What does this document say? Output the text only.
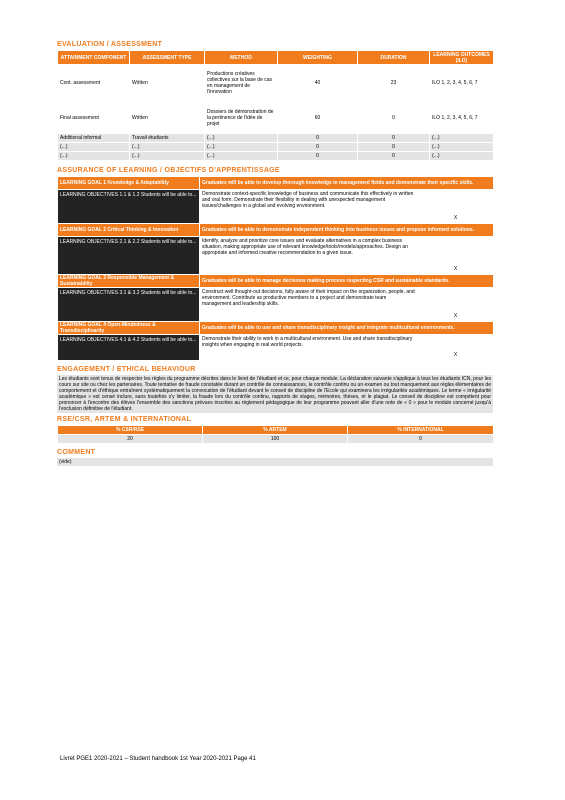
EVALUATION / ASSESSMENT
ATTAINMENT COMPONENT	ASSESSMENT TYPE	METHOD	WEIGHTING	DURATION	LEARNING OUTCOMES (ILO)
Cont. assessment	Written	Productions créatives collectives sur la base de cas en management de l'innovation	40	23	ILO 1, 2, 3, 4, 5, 6, 7
Final assessment	Written	Dossiers de démonstration de la pertinence de l'idée de projet	60	0	ILO 1, 2, 3, 4, 5, 6, 7
Additional informal	Travail étudiants	(...)	0	0	(...)
(...)	(...)	(...)	0	0	(...)
(...)	(...)	(...)	0	0	(...)
ASSURANCE OF LEARNING / OBJECTIFS D'APPRENTISSAGE
LEARNING GOAL 1 Knowledge & Adaptability	Graduates will be able to develop thorough knowledge in management fields and demonstrate their specific skills.	
LEARNING OBJECTIVES 1.1 & 1.2 Students will be able to...	Demonstrate context-specific knowledge of business and communicate this effectively in written and oral form. Demonstrate their flexibility in dealing with unexpected management issues/challenges in a global and evolving environment.	X
LEARNING GOAL 2 Critical Thinking & Innovation	Graduates will be able to demonstrate independent thinking into business issues and propose informed solutions.	
LEARNING OBJECTIVES 2.1 & 2.2 Students will be able to...	Identify, analyze and prioritize core issues and evaluate alternatives in a complex business situation, making appropriate use of relevant knowledge/tools/models/approaches. Design an appropriate and informed creative recommendation to a given issue.	X
LEARNING GOAL 3 Responsible Management & Sustainability	Graduates will be able to manage decisions making process respecting CSR and sustainable standards.	
LEARNING OBJECTIVES 3.1 & 3.2 Students will be able to...	Construct well thought-out decisions, fully aware of their impact on the organization, people, and environment. Contribute as productive members to a project and demonstrate team management and leadership skills.	X
LEARNING GOAL 4 Open-Mindedness & Transdisciplinarity	Graduates will be able to use and share transdisciplinary insight and integrate multicultural environments.	
LEARNING OBJECTIVES 4.1 & 4.2 Students will be able to...	Demonstrate their ability to work in a multicultural environment. Use and share transdisciplinary insights when engaging in real world projects.	X
ENGAGEMENT / ETHICAL BEHAVIOUR
Les étudiants sont tenus de respecter les règles du programme décrites dans le livret de l'étudiant et ce, pour chaque module. La déclaration suivante s'applique à tous les étudiants ICN, pour les cours sur site ou chez les partenaires. Toute tentative de fraude constatée durant un contrôle de connaissances, le contrôle continu ou un examen ou tout manquement aux règles élémentaires de comportement et d'éthique entraînent systématiquement la convocation de l'étudiant devant le conseil de discipline de l'Ecole qui examinera les irrégularités académiques. Le terme « irrégularité académique » est censé inclure, sans toutefois s'y limiter, la fraude lors du contrôle continu, rapports de stages, mémoires, thèses, et le plagiat. Le conseil de discipline est compétent pour prononcer à l'encontre des élèves l'ensemble des sanctions prévues inscrites au règlement pédagogique de leur programme pouvant aller d'une note de « 0 » pour le module concerné jusqu'à l'exclusion définitive de l'étudiant.
RSE/CSR, ARTEM & INTERNATIONAL
% CSR/RSE	% ARTEM	% INTERNATIONAL
20	100	0
COMMENT
(vide)
Livret PGE1 2020-2021 – Student handbook 1st Year 2020-2021 Page 41
